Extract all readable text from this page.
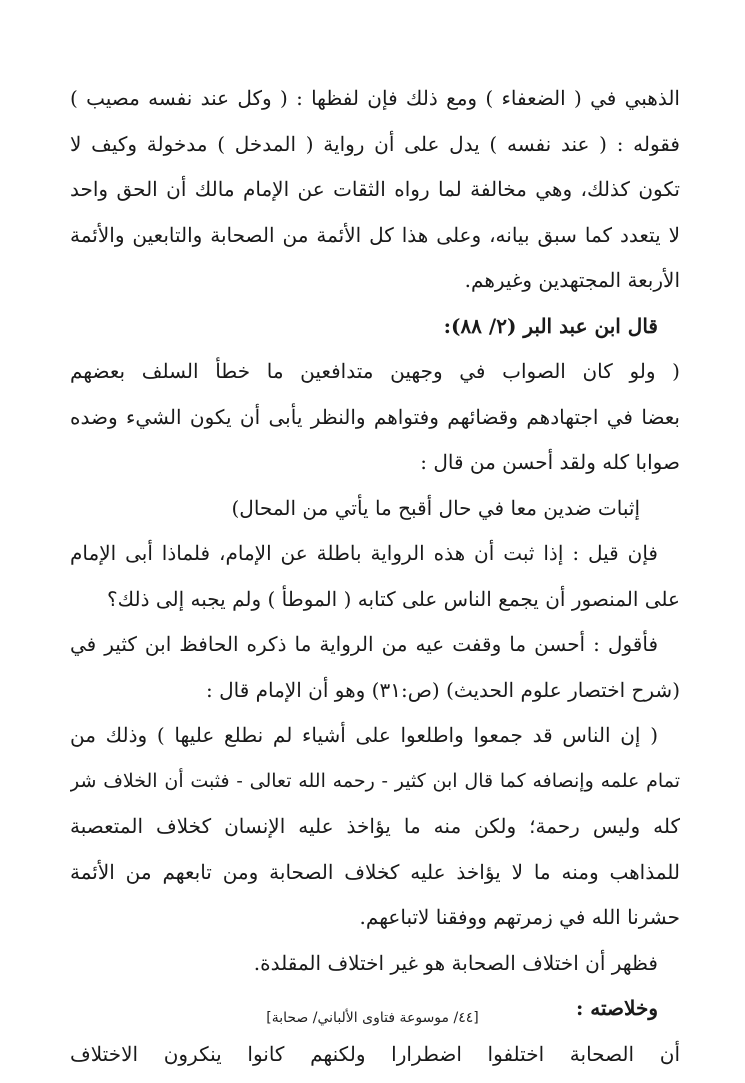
الذهبي في ( الضعفاء ) ومع ذلك فإن لفظها : ( وكل عند نفسه مصيب )
فقوله : ( عند نفسه ) يدل على أن رواية ( المدخل ) مدخولة وكيف لا
تكون كذلك، وهي مخالفة لما رواه الثقات عن الإمام مالك أن الحق واحد
لا يتعدد كما سبق بيانه، وعلى هذا كل الأئمة من الصحابة والتابعين والأئمة
الأربعة المجتهدين وغيرهم.
قال ابن عبد البر (٢/ ٨٨):
( ولو كان الصواب في وجهين متدافعين ما خطأ السلف بعضهم
بعضا في اجتهادهم وقضائهم وفتواهم والنظر يأبى أن يكون الشيء وضده
صوابا كله ولقد أحسن من قال :
إثبات ضدين معا في حال أقبح ما يأتي من المحال)
فإن قيل : إذا ثبت أن هذه الرواية باطلة عن الإمام، فلماذا أبى الإمام
على المنصور أن يجمع الناس على كتابه ( الموطأ ) ولم يجبه إلى ذلك؟
فأقول : أحسن ما وقفت عيه من الرواية ما ذكره الحافظ ابن كثير في
(شرح اختصار علوم الحديث) (ص:٣١) وهو أن الإمام قال :
( إن الناس قد جمعوا واطلعوا على أشياء لم نطلع عليها ) وذلك من
تمام علمه وإنصافه كما قال ابن كثير - رحمه الله تعالى - فثبت أن الخلاف شر
كله وليس رحمة؛ ولكن منه ما يؤاخذ عليه الإنسان كخلاف المتعصبة
للمذاهب ومنه ما لا يؤاخذ عليه كخلاف الصحابة ومن تابعهم من الأئمة
حشرنا الله في زمرتهم ووفقنا لاتباعهم.
فظهر أن اختلاف الصحابة هو غير اختلاف المقلدة.
وخلاصته :
أن الصحابة اختلفوا اضطرارا ولكنهم كانوا ينكرون الاختلاف
[٤٤/ موسوعة فتاوى الألباني/ صحابة]
